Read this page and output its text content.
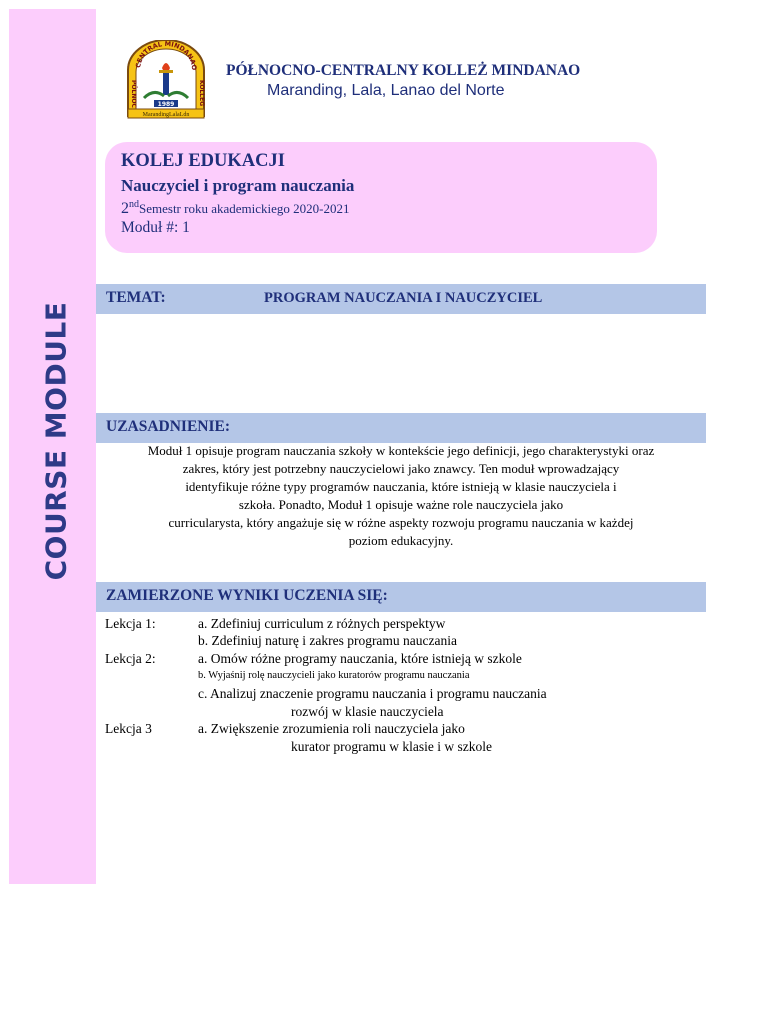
COURSE MODULE
CENTRAL MINDANAO
PÓLNOC	KOLLEG
1989
MarandingLalaLdn
PÓŁNOCNO-CENTRALNY KOLLEŻ MINDANAO
Maranding, Lala, Lanao del Norte
KOLEJ EDUKACJI
Nauczyciel i program nauczania
2ndSemestr roku akademickiego 2020-2021
Moduł #: 1
TEMAT:	PROGRAM NAUCZANIA I NAUCZYCIEL
UZASADNIENIE:
Moduł 1 opisuje program nauczania szkoły w kontekście jego definicji, jego charakterystyki oraz
zakres, który jest potrzebny nauczycielowi jako znawcy. Ten moduł wprowadzający
identyfikuje różne typy programów nauczania, które istnieją w klasie nauczyciela i
szkoła. Ponadto, Moduł 1 opisuje ważne role nauczyciela jako
curricularysta, który angażuje się w różne aspekty rozwoju programu nauczania w każdej
poziom edukacyjny.
ZAMIERZONE WYNIKI UCZENIA SIĘ:
Lekcja 1:	a. Zdefiniuj curriculum z różnych perspektyw
b. Zdefiniuj naturę i zakres programu nauczania
Lekcja 2:	a. Omów różne programy nauczania, które istnieją w szkole
b. Wyjaśnij rolę nauczycieli jako kuratorów programu nauczania
c. Analizuj znaczenie programu nauczania i programu nauczania
rozwój w klasie nauczyciela
Lekcja 3	a. Zwiększenie zrozumienia roli nauczyciela jako
kurator programu w klasie i w szkole
